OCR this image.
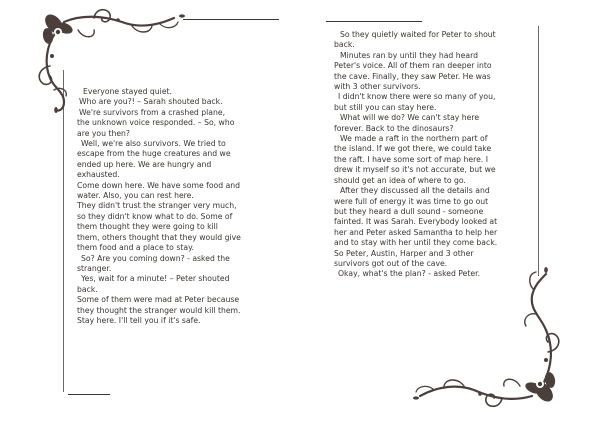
Everyone stayed quiet.

Who are you?! – Sarah shouted back.

We're survivors from a crashed plane,

the unknown voice responded. – So, who

are you then?

Well, we're also survivors. We tried to

escape from the huge creatures and we

ended up here. We are hungry and

exhausted.

Come down here. We have some food and

water. Also, you can rest here.

They didn't trust the stranger very much,

so they didn't know what to do. Some of

them thought they were going to kill

them, others thought that they would give

them food and a place to stay.

So? Are you coming down? - asked the

stranger.

Yes, wait for a minute! – Peter shouted

back.

Some of them were mad at Peter because

they thought the stranger would kill them.

Stay here. I'll tell you if it's safe.

So they quietly waited for Peter to shout

back.

Minutes ran by until they had heard

Peter's voice. All of them ran deeper into

the cave. Finally, they saw Peter. He was

with 3 other survivors.

I didn't know there were so many of you,

but still you can stay here.

What will we do? We can't stay here

forever. Back to the dinosaurs?

We made a raft in the northern part of

the island. If we got there, we could take

the raft. I have some sort of map here. I

drew it myself so it's not accurate, but we

should get an idea of where to go.

After they discussed all the details and

were full of energy it was time to go out

but they heard a dull sound - someone

fainted. It was Sarah. Everybody looked at

her and Peter asked Samantha to help her

and to stay with her until they come back.

So Peter, Austin, Harper and 3 other

survivors got out of the cave.

Okay, what's the plan? - asked Peter.
